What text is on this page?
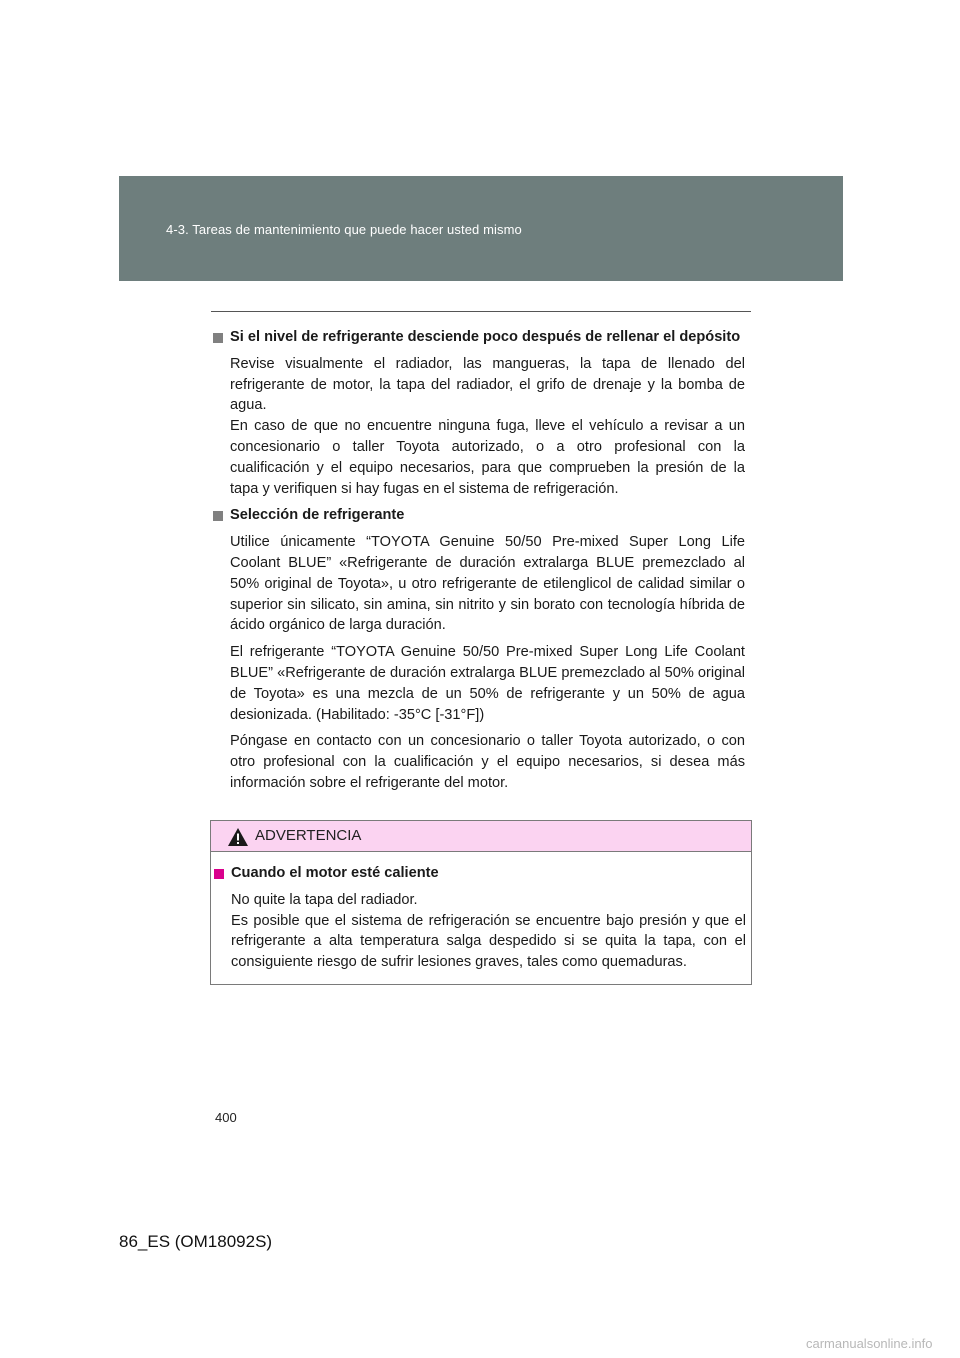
4-3. Tareas de mantenimiento que puede hacer usted mismo
Si el nivel de refrigerante desciende poco después de rellenar el depósito
Revise visualmente el radiador, las mangueras, la tapa de llenado del refrigerante de motor, la tapa del radiador, el grifo de drenaje y la bomba de agua.
En caso de que no encuentre ninguna fuga, lleve el vehículo a revisar a un concesionario o taller Toyota autorizado, o a otro profesional con la cualificación y el equipo necesarios, para que comprueben la presión de la tapa y verifiquen si hay fugas en el sistema de refrigeración.
Selección de refrigerante
Utilice únicamente “TOYOTA Genuine 50/50 Pre-mixed Super Long Life Coolant BLUE” «Refrigerante de duración extralarga BLUE premezclado al 50% original de Toyota», u otro refrigerante de etilenglicol de calidad similar o superior sin silicato, sin amina, sin nitrito y sin borato con tecnología híbrida de ácido orgánico de larga duración.
El refrigerante “TOYOTA Genuine 50/50 Pre-mixed Super Long Life Coolant BLUE” «Refrigerante de duración extralarga BLUE premezclado al 50% original de Toyota» es una mezcla de un 50% de refrigerante y un 50% de agua desionizada. (Habilitado: -35°C [-31°F])
Póngase en contacto con un concesionario o taller Toyota autorizado, o con otro profesional con la cualificación y el equipo necesarios, si desea más información sobre el refrigerante del motor.
ADVERTENCIA
Cuando el motor esté caliente
No quite la tapa del radiador.
Es posible que el sistema de refrigeración se encuentre bajo presión y que el refrigerante a alta temperatura salga despedido si se quita la tapa, con el consiguiente riesgo de sufrir lesiones graves, tales como quemaduras.
400
86_ES (OM18092S)
carmanualsonline.info
